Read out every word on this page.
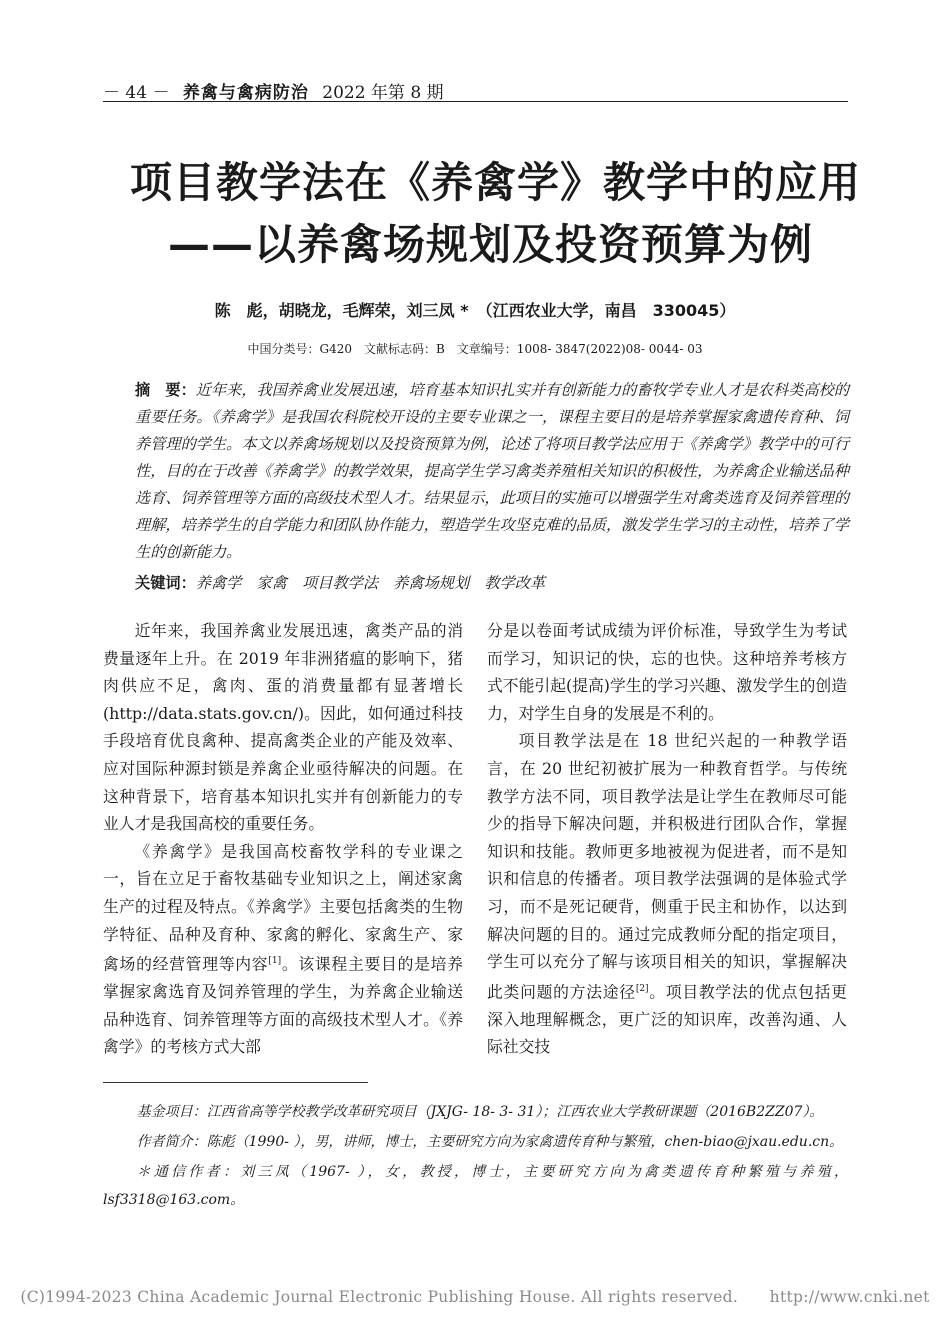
－ 44 － 养禽与禽病防治 2022 年第 8 期
项目教学法在《养禽学》教学中的应用
——以养禽场规划及投资预算为例
陈　彪，胡晓龙，毛辉荣，刘三凤 *　（江西农业大学，南昌　330045）
中国分类号：G420　文献标志码：B　文章编号：1008- 3847(2022)08- 0044- 03
摘　要：近年来，我国养禽业发展迅速，培育基本知识扎实并有创新能力的畜牧学专业人才是农科类高校的重要任务。《养禽学》是我国农科院校开设的主要专业课之一，课程主要目的是培养掌握家禽遗传育种、饲养管理的学生。本文以养禽场规划以及投资预算为例，论述了将项目教学法应用于《养禽学》教学中的可行性，目的在于改善《养禽学》的教学效果，提高学生学习禽类养殖相关知识的积极性，为养禽企业输送品种选育、饲养管理等方面的高级技术型人才。结果显示，此项目的实施可以增强学生对禽类选育及饲养管理的理解，培养学生的自学能力和团队协作能力，塑造学生攻坚克难的品质，激发学生学习的主动性，培养了学生的创新能力。
关键词：养禽学　家禽　项目教学法　养禽场规划　教学改革

近年来，我国养禽业发展迅速，禽类产品的消费量逐年上升。在 2019 年非洲猪瘟的影响下，猪肉供应不足，禽肉、蛋的消费量都有显著增长(http://data.stats.gov.cn/)。因此，如何通过科技手段培育优良禽种、提高禽类企业的产能及效率、应对国际种源封锁是养禽企业亟待解决的问题。在这种背景下，培育基本知识扎实并有创新能力的专业人才是我国高校的重要任务。

《养禽学》是我国高校畜牧学科的专业课之一，旨在立足于畜牧基础专业知识之上，阐述家禽生产的过程及特点。《养禽学》主要包括禽类的生物学特征、品种及育种、家禽的孵化、家禽生产、家禽场的经营管理等内容[1]。该课程主要目的是培养掌握家禽选育及饲养管理的学生，为养禽企业输送品种选育、饲养管理等方面的高级技术型人才。《养禽学》的考核方式大部

分是以卷面考试成绩为评价标准，导致学生为考试而学习，知识记的快，忘的也快。这种培养考核方式不能引起(提高)学生的学习兴趣、激发学生的创造力，对学生自身的发展是不利的。

项目教学法是在 18 世纪兴起的一种教学语言，在 20 世纪初被扩展为一种教育哲学。与传统教学方法不同，项目教学法是让学生在教师尽可能少的指导下解决问题，并积极进行团队合作，掌握知识和技能。教师更多地被视为促进者，而不是知识和信息的传播者。项目教学法强调的是体验式学习，而不是死记硬背，侧重于民主和协作，以达到解决问题的目的。通过完成教师分配的指定项目，学生可以充分了解与该项目相关的知识，掌握解决此类问题的方法途径[2]。项目教学法的优点包括更深入地理解概念，更广泛的知识库，改善沟通、人际社交技

基金项目：江西省高等学校教学改革研究项目（JXJG- 18- 3- 31）；江西农业大学教研课题（2016B2ZZ07）。

作者简介：陈彪（1990- ），男，讲师，博士，主要研究方向为家禽遗传育种与繁殖，chen-biao@jxau.edu.cn。

＊通信作者：刘三凤（1967- ），女，教授，博士，主要研究方向为禽类遗传育种繁殖与养殖，lsf3318@163.com。

(C)1994-2023 China Academic Journal Electronic Publishing House. All rights reserved.　　http://www.cnki.net
